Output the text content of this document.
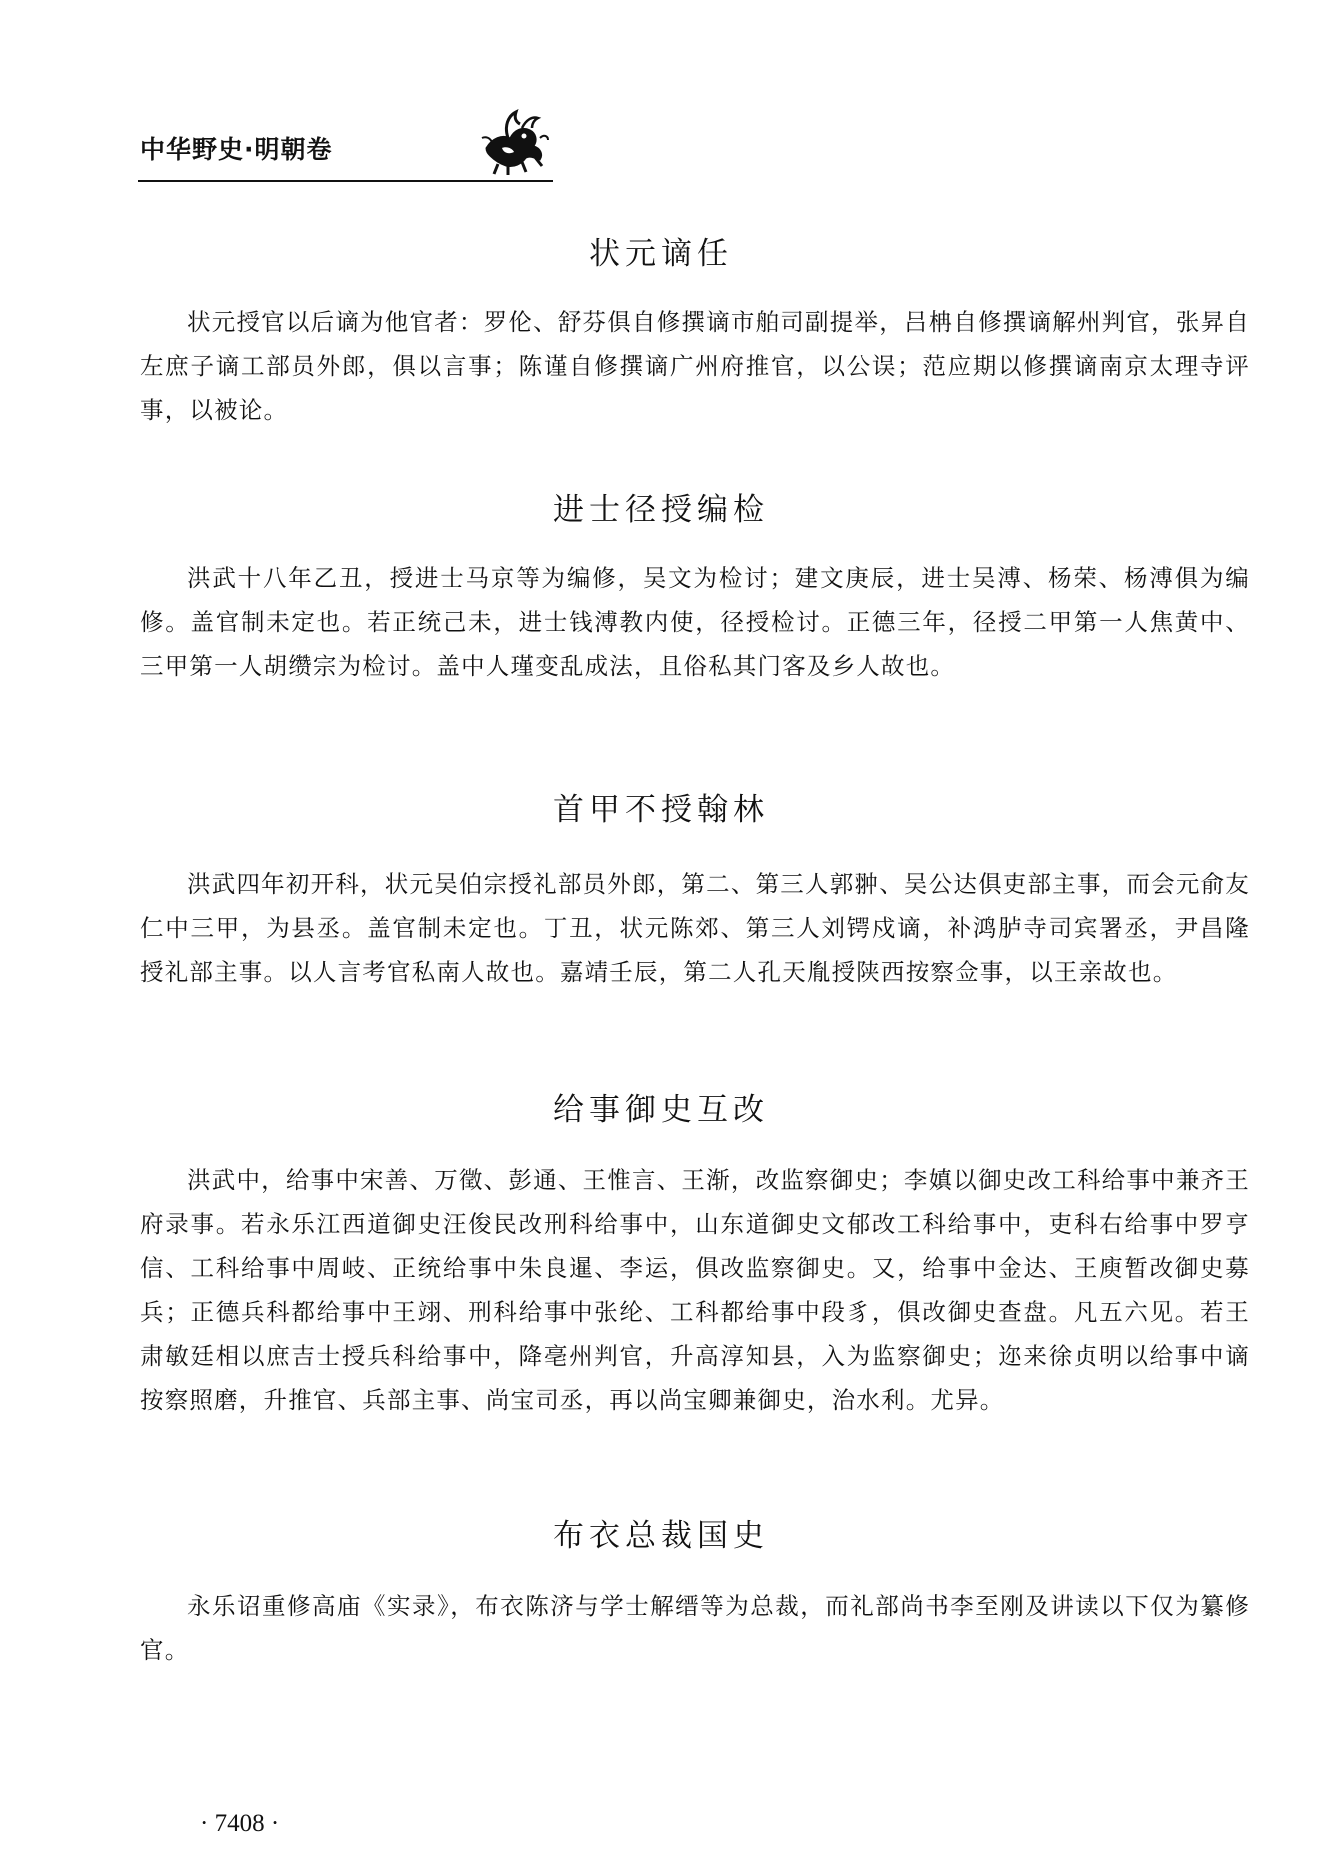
中华野史·明朝卷
状元谪任

状元授官以后谪为他官者：罗伦、舒芬俱自修撰谪市舶司副提举，吕柟自修撰谪解州判官，张昇自左庶子谪工部员外郎，俱以言事；陈谨自修撰谪广州府推官，以公误；范应期以修撰谪南京太理寺评事，以被论。

进士径授编检

洪武十八年乙丑，授进士马京等为编修，吴文为检讨；建文庚辰，进士吴溥、杨荣、杨溥俱为编修。盖官制未定也。若正统己未，进士钱溥教内使，径授检讨。正德三年，径授二甲第一人焦黄中、三甲第一人胡缵宗为检讨。盖中人瑾变乱成法，且俗私其门客及乡人故也。

首甲不授翰林

洪武四年初开科，状元吴伯宗授礼部员外郎，第二、第三人郭翀、吴公达俱吏部主事，而会元俞友仁中三甲，为县丞。盖官制未定也。丁丑，状元陈郊、第三人刘锷戍谪，补鸿胪寺司宾署丞，尹昌隆授礼部主事。以人言考官私南人故也。嘉靖壬辰，第二人孔天胤授陕西按察佥事，以王亲故也。

给事御史互改

洪武中，给事中宋善、万徵、彭通、王惟言、王渐，改监察御史；李嫃以御史改工科给事中兼齐王府录事。若永乐江西道御史汪俊民改刑科给事中，山东道御史文郁改工科给事中，吏科右给事中罗亨信、工科给事中周岐、正统给事中朱良暹、李运，俱改监察御史。又，给事中金达、王庾暂改御史募兵；正德兵科都给事中王翊、刑科给事中张纶、工科都给事中段豸，俱改御史查盘。凡五六见。若王肃敏廷相以庶吉士授兵科给事中，降亳州判官，升高淳知县，入为监察御史；迩来徐贞明以给事中谪按察照磨，升推官、兵部主事、尚宝司丞，再以尚宝卿兼御史，治水利。尤异。

布衣总裁国史

永乐诏重修高庙《实录》，布衣陈济与学士解缙等为总裁，而礼部尚书李至刚及讲读以下仅为纂修官。

· 7408 ·
